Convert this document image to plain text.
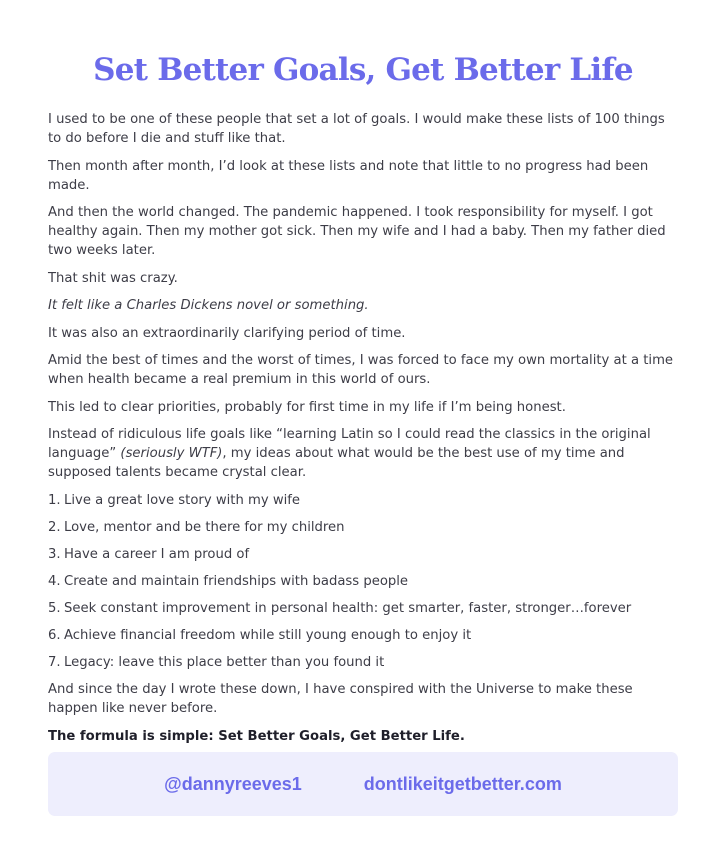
Set Better Goals, Get Better Life

I used to be one of these people that set a lot of goals. I would make these lists of 100 things to do before I die and stuff like that.

Then month after month, I’d look at these lists and note that little to no progress had been made.

And then the world changed. The pandemic happened. I took responsibility for myself. I got healthy again. Then my mother got sick. Then my wife and I had a baby. Then my father died two weeks later.

That shit was crazy.

It felt like a Charles Dickens novel or something.

It was also an extraordinarily clarifying period of time.

Amid the best of times and the worst of times, I was forced to face my own mortality at a time when health became a real premium in this world of ours.

This led to clear priorities, probably for first time in my life if I’m being honest.

Instead of ridiculous life goals like “learning Latin so I could read the classics in the original language” (seriously WTF), my ideas about what would be the best use of my time and supposed talents became crystal clear.

1. Live a great love story with my wife
2. Love, mentor and be there for my children
3. Have a career I am proud of
4. Create and maintain friendships with badass people
5. Seek constant improvement in personal health: get smarter, faster, stronger…forever
6. Achieve financial freedom while still young enough to enjoy it
7. Legacy: leave this place better than you found it

And since the day I wrote these down, I have conspired with the Universe to make these happen like never before.

The formula is simple: Set Better Goals, Get Better Life.

@dannyreeves1	dontlikeitgetbetter.com
